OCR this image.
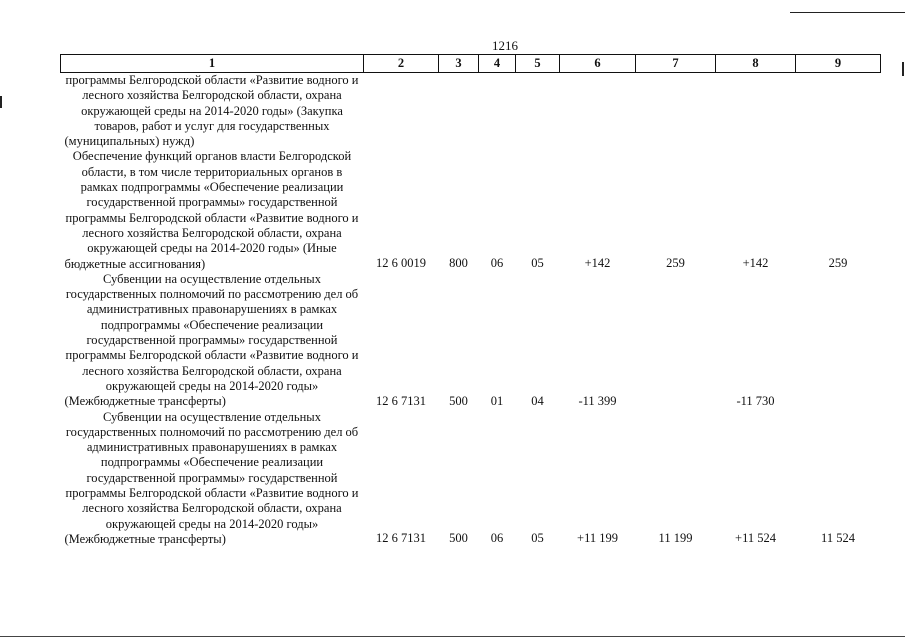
1216
1	2	3	4	5	6	7	8	9
программы Белгородской области «Развитие водного и лесного хозяйства Белгородской области, охрана окружающей среды на 2014-2020 годы» (Закупка товаров, работ и услуг для государственных (муниципальных) нужд)								
Обеспечение функций органов власти Белгородской области, в том числе территориальных органов в рамках подпрограммы «Обеспечение реализации государственной программы» государственной программы Белгородской области «Развитие водного и лесного хозяйства Белгородской области, охрана окружающей среды на 2014-2020 годы» (Иные бюджетные ассигнования)	12 6 0019	800	06	05	+142	259	+142	259
Субвенции на осуществление отдельных государственных полномочий по рассмотрению дел об административных правонарушениях в рамках подпрограммы «Обеспечение реализации государственной программы» государственной программы Белгородской области «Развитие водного и лесного хозяйства Белгородской области, охрана окружающей среды на 2014-2020 годы» (Межбюджетные трансферты)	12 6 7131	500	01	04	-11 399		-11 730	
Субвенции на осуществление отдельных государственных полномочий по рассмотрению дел об административных правонарушениях в рамках подпрограммы «Обеспечение реализации государственной программы» государственной программы Белгородской области «Развитие водного и лесного хозяйства Белгородской области, охрана окружающей среды на 2014-2020 годы» (Межбюджетные трансферты)	12 6 7131	500	06	05	+11 199	11 199	+11 524	11 524
